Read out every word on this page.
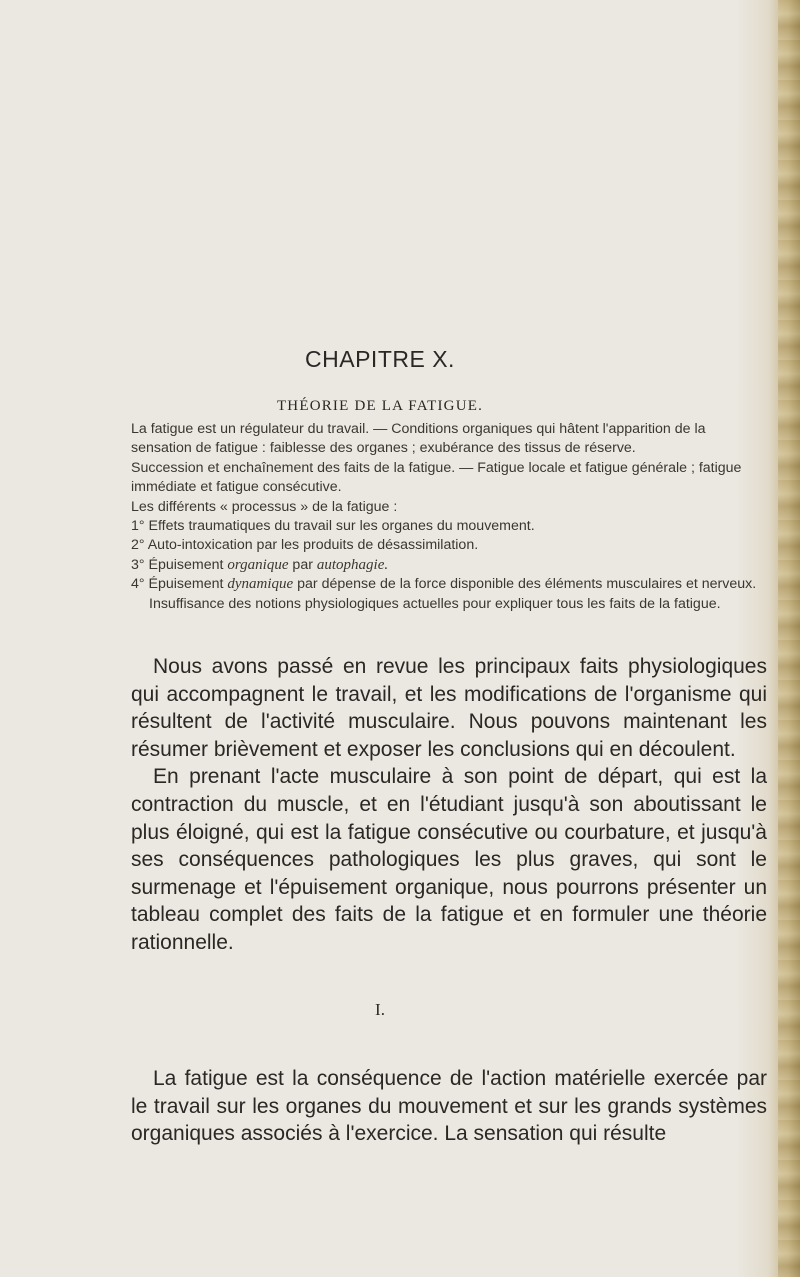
CHAPITRE X.
THÉORIE DE LA FATIGUE.

La fatigue est un régulateur du travail. — Conditions organiques qui hâtent l'apparition de la sensation de fatigue : faiblesse des organes ; exubérance des tissus de réserve.

Succession et enchaînement des faits de la fatigue. — Fatigue locale et fatigue générale ; fatigue immédiate et fatigue consécutive.

Les différents « processus » de la fatigue :

1° Effets traumatiques du travail sur les organes du mouvement.

2° Auto-intoxication par les produits de désassimilation.

3° Épuisement organique par autophagie.

4° Épuisement dynamique par dépense de la force disponible des éléments musculaires et nerveux. Insuffisance des notions physiologiques actuelles pour expliquer tous les faits de la fatigue.

Nous avons passé en revue les principaux faits physiologiques qui accompagnent le travail, et les modifications de l'organisme qui résultent de l'activité musculaire. Nous pouvons maintenant les résumer brièvement et exposer les conclusions qui en découlent.

En prenant l'acte musculaire à son point de départ, qui est la contraction du muscle, et en l'étudiant jusqu'à son aboutissant le plus éloigné, qui est la fatigue consécutive ou courbature, et jusqu'à ses conséquences pathologiques les plus graves, qui sont le surmenage et l'épuisement organique, nous pourrons présenter un tableau complet des faits de la fatigue et en formuler une théorie rationnelle.

I.

La fatigue est la conséquence de l'action matérielle exercée par le travail sur les organes du mouvement et sur les grands systèmes organiques associés à l'exercice. La sensation qui résulte
